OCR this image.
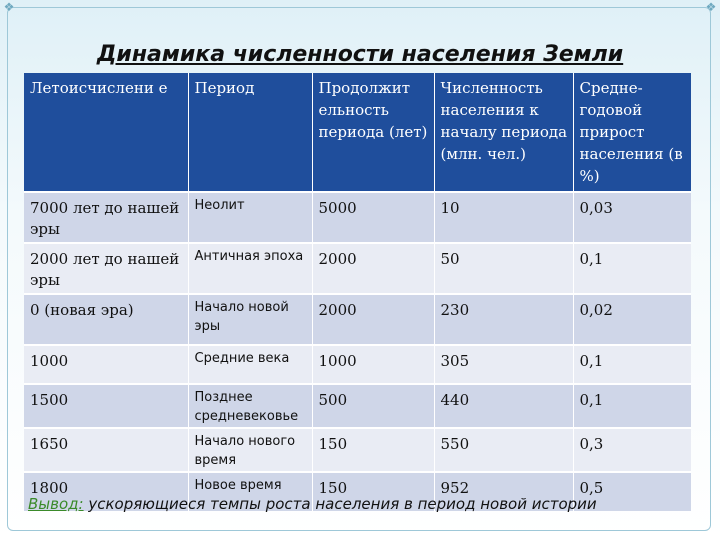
❖	❖
Динамика численности населения Земли
Летоисчислени е	Период	Продолжит ельность периода (лет)	Численность населения к началу периода (млн. чел.)	Средне- годовой прирост населения (в %)
7000 лет до нашей эры	Неолит	5000	10	0,03
2000 лет до нашей эры	Античная эпоха	2000	50	0,1
0 (новая эра)	Начало новой эры	2000	230	0,02
1000	Средние века	1000	305	0,1
1500	Позднее средневековье	500	440	0,1
1650	Начало нового время	150	550	0,3
1800	Новое время	150	952	0,5
Вывод: ускоряющиеся темпы роста населения в период новой истории
